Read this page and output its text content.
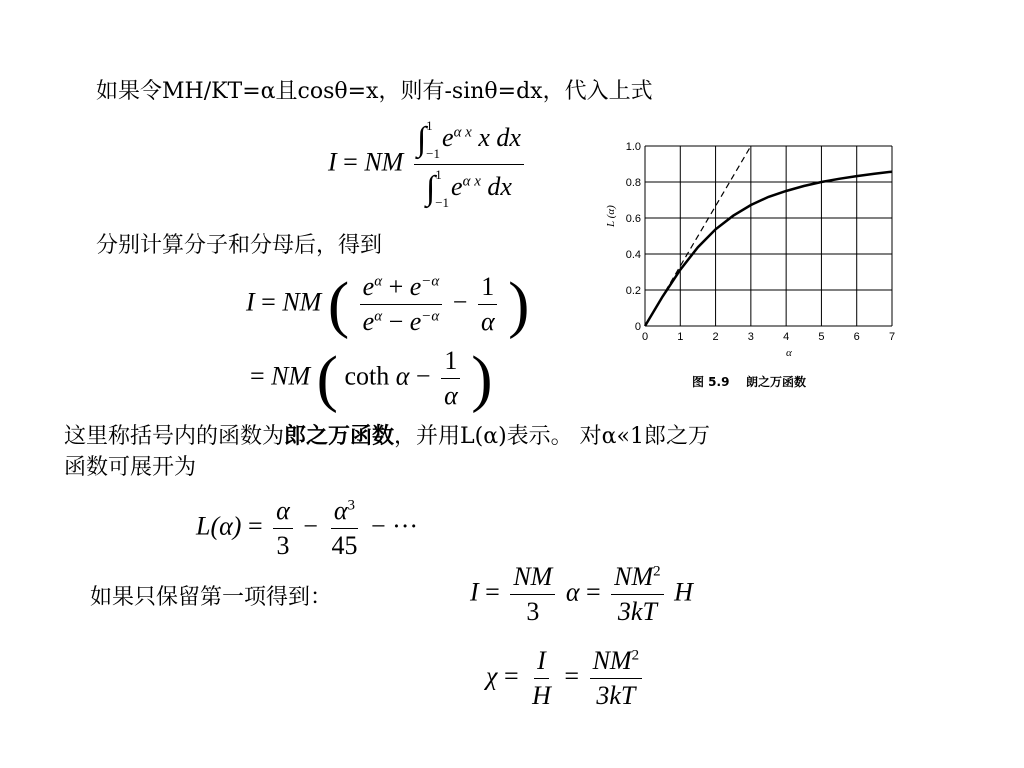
如果令MH/KT=α且cosθ=x，则有-sinθ=dx，代入上式
I = NM ∫ 1
−1
$e^{\alpha x}$ x dx
∫ 1
−1
$e^{\alpha x}$ dx
分别计算分子和分母后，得到
I = NM ( $\frac{e^\alpha + e^{-\alpha}}{e^\alpha - e^{-\alpha}} - \frac{1}{\alpha}$ )
= NM ( coth $\alpha - \frac{1}{\alpha}$ )
0	1	2	3	4	5	6	7
0
0.2
0.4
0.6
0.8
1.0
L (α)
α
图 5.9 朗之万函数
这里称括号内的函数为郎之万函数，并用L(α)表示。 对α«1郎之万
函数可展开为
$L(\alpha) = \frac{\alpha}{3} - \frac{\alpha^3}{45}$ − ···
如果只保留第一项得到：	$I = \frac{NM}{3}$ $\alpha = \frac{NM^2}{3kT}$ H
$\chi = \frac{I}{H} = \frac{NM^2}{3kT}$
